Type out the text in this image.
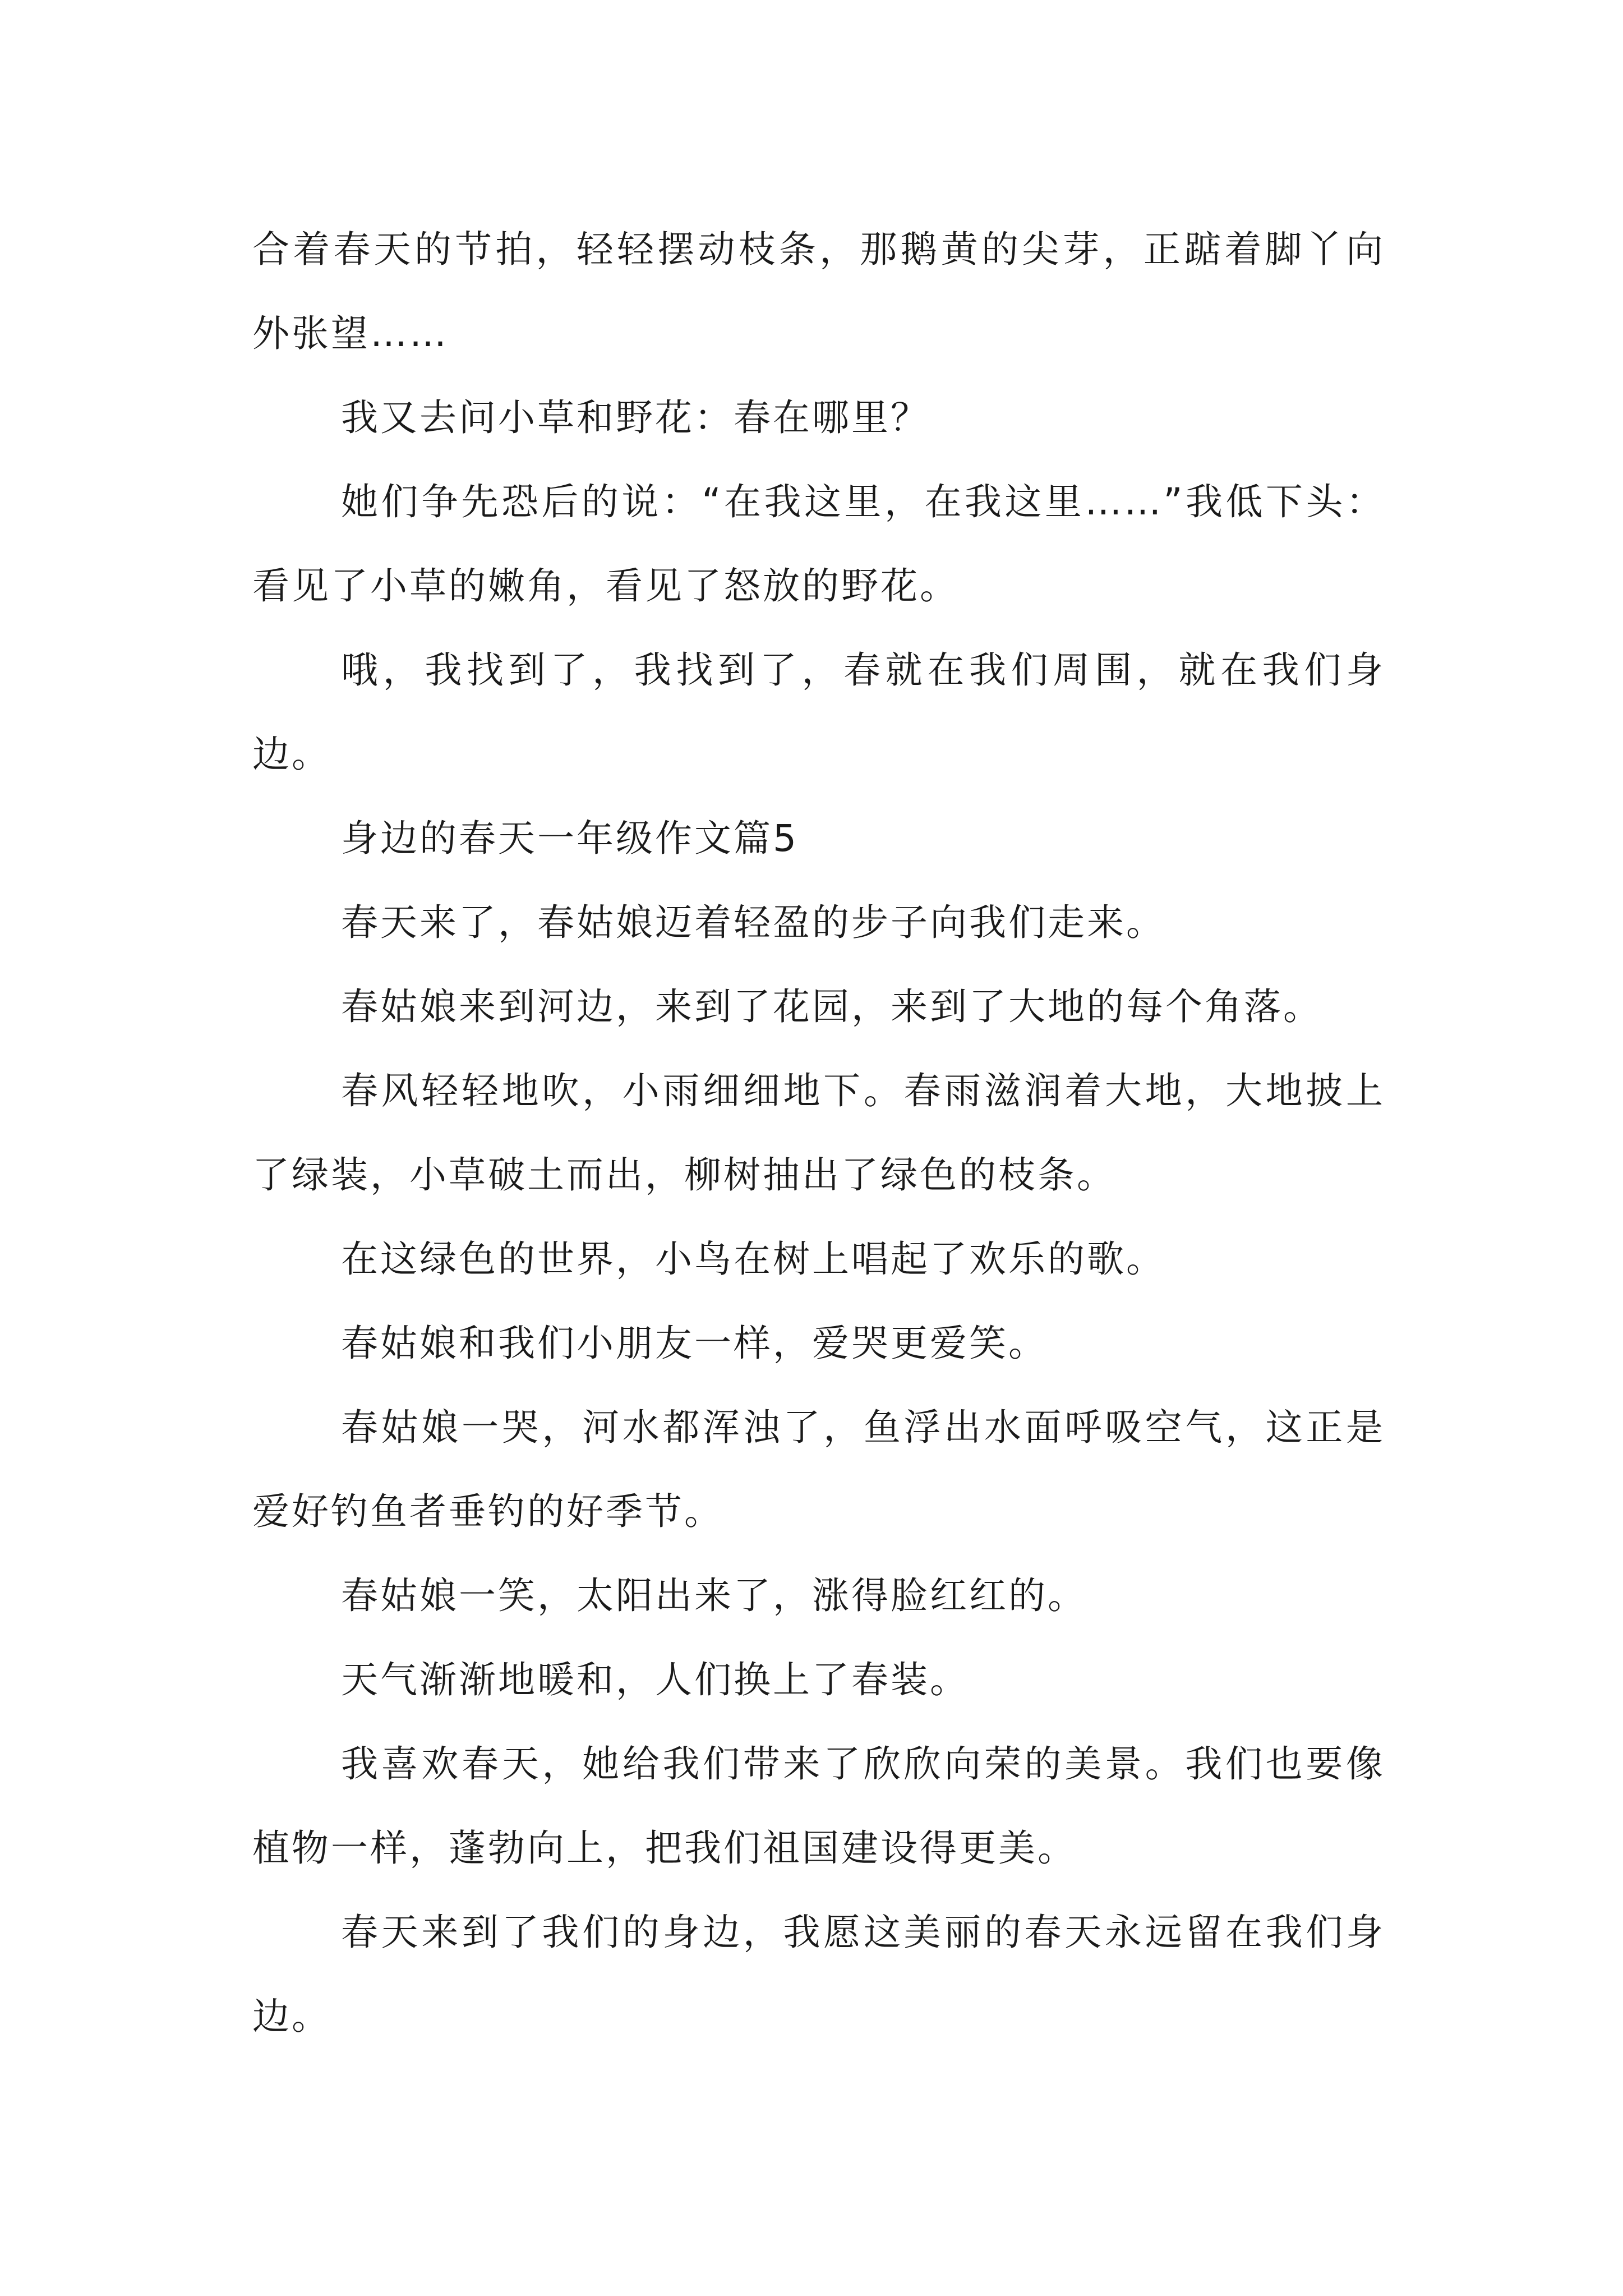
合着春天的节拍，轻轻摆动枝条，那鹅黄的尖芽，正踮着脚丫向外张望……

我又去问小草和野花：春在哪里？

她们争先恐后的说：“在我这里，在我这里……”我低下头：看见了小草的嫩角，看见了怒放的野花。

哦，我找到了，我找到了，春就在我们周围，就在我们身边。

身边的春天一年级作文篇5

春天来了，春姑娘迈着轻盈的步子向我们走来。

春姑娘来到河边，来到了花园，来到了大地的每个角落。

春风轻轻地吹，小雨细细地下。春雨滋润着大地，大地披上了绿装，小草破土而出，柳树抽出了绿色的枝条。

在这绿色的世界，小鸟在树上唱起了欢乐的歌。

春姑娘和我们小朋友一样，爱哭更爱笑。

春姑娘一哭，河水都浑浊了，鱼浮出水面呼吸空气，这正是爱好钓鱼者垂钓的好季节。

春姑娘一笑，太阳出来了，涨得脸红红的。

天气渐渐地暖和，人们换上了春装。

我喜欢春天，她给我们带来了欣欣向荣的美景。我们也要像植物一样，蓬勃向上，把我们祖国建设得更美。

春天来到了我们的身边，我愿这美丽的春天永远留在我们身边。
